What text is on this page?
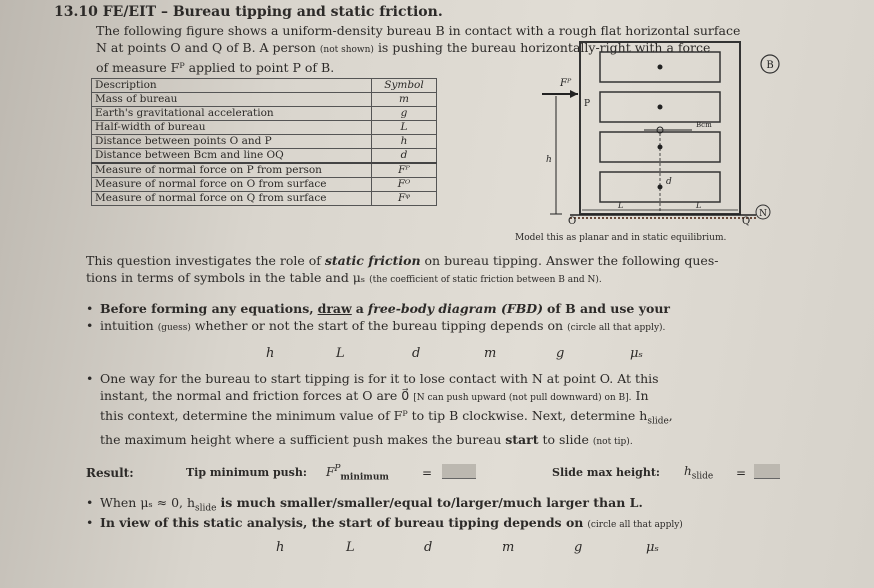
13.10 FE/EIT – Bureau tipping and static friction.
The following figure shows a uniform-density bureau B in contact with a rough flat horizontal surface
N at points O and Q of B. A person (not shown) is pushing the bureau horizontally-right with a force
of measure Fᴾ applied to point P of B.
Description	Symbol
Mass of bureau	m
Earth's gravitational acceleration	g
Half-width of bureau	L
Distance between points O and P	h
Distance between Bcm and line OQ	d
Measure of normal force on P from person	Fᴾ
Measure of normal force on O from surface	Fᴼ
Measure of normal force on Q from surface	Fᵠ
B
Fᴾ
P
h
Bcm
d
L	L
O	Q
N
Model this as planar and in static equilibrium.
This question investigates the role of static friction on bureau tipping. Answer the following ques-
tions in terms of symbols in the table and μₛ (the coefficient of static friction between B and N).
• Before forming any equations, draw a free-body diagram (FBD) of B and use your
• intuition (guess) whether or not the start of the bureau tipping depends on (circle all that apply).
h	L	d	m	g	μₛ
• One way for the bureau to start tipping is for it to lose contact with N at point O. At this
instant, the normal and friction forces at O are 0⃗ [N can push upward (not pull downward) on B]. In
this context, determine the minimum value of Fᴾ to tip B clockwise. Next, determine $h_{slide}$,
the maximum height where a sufficient push makes the bureau start to slide (not tip).
Result:	Tip minimum push: $F^P_{minimum}$	=	Slide max height: $h_{slide}$ =
• When μₛ ≈ 0, $h_{slide}$ is much smaller/smaller/equal to/larger/much larger than L.
• In view of this static analysis, the start of bureau tipping depends on (circle all that apply)
h	L	d	m	g	μₛ
